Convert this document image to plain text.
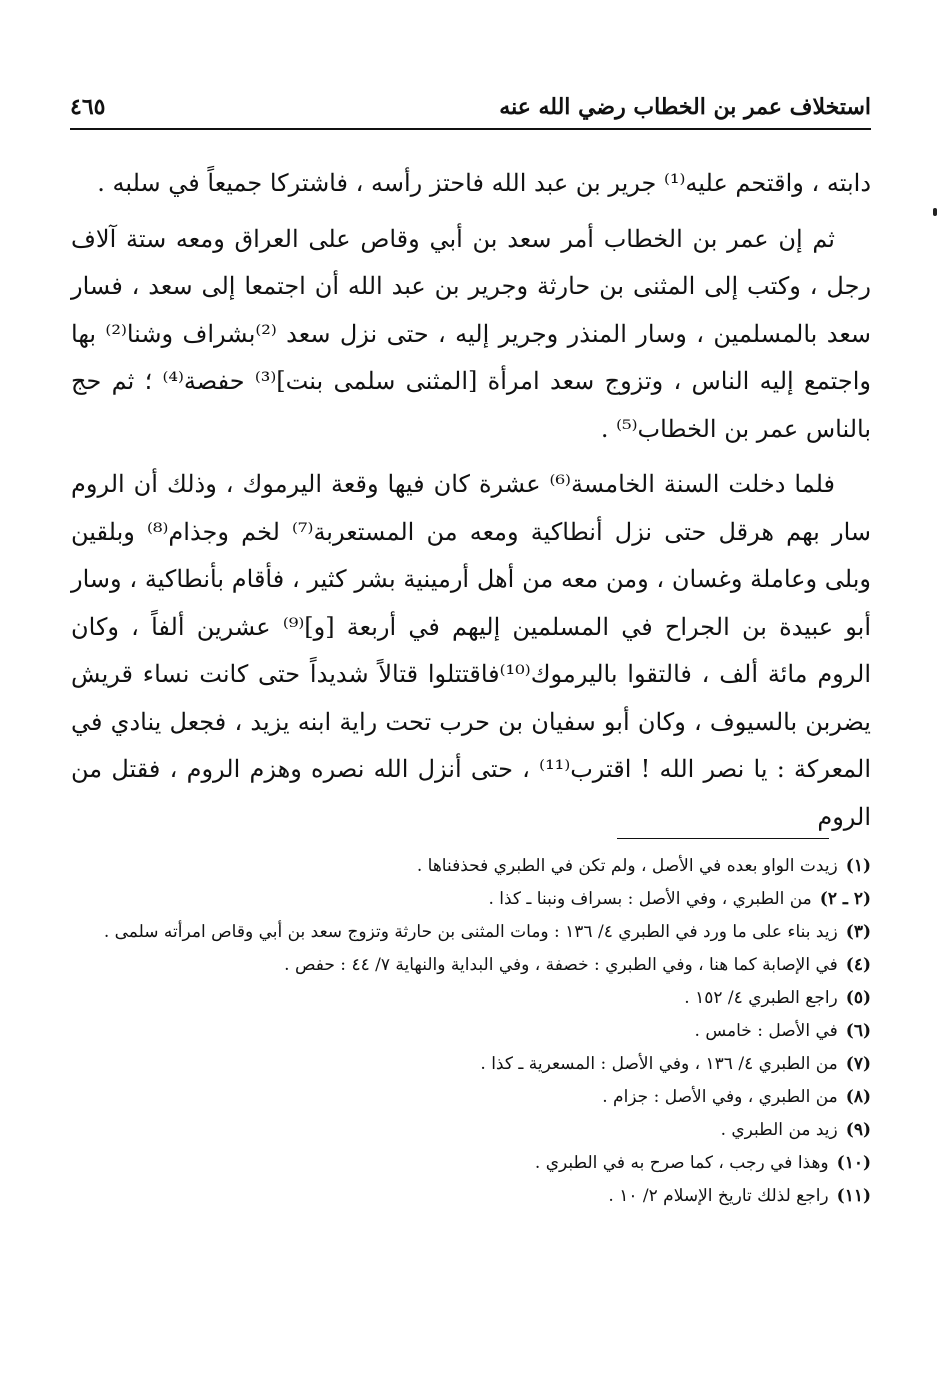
استخلاف عمر بن الخطاب رضي الله عنه
٤٦٥

دابته ، واقتحم عليه⁽¹⁾ جرير بن عبد الله فاحتز رأسه ، فاشتركا جميعاً في سلبه .

ثم إن عمر بن الخطاب أمر سعد بن أبي وقاص على العراق ومعه ستة آلاف رجل ، وكتب إلى المثنى بن حارثة وجرير بن عبد الله أن اجتمعا إلى سعد ، فسار سعد بالمسلمين ، وسار المنذر وجرير إليه ، حتى نزل سعد ⁽²⁾بشراف وشنا⁽²⁾ بها واجتمع إليه الناس ، وتزوج سعد امرأة [المثنى سلمى بنت]⁽³⁾ حفصة⁽⁴⁾ ؛ ثم حج بالناس عمر بن الخطاب⁽⁵⁾ .

فلما دخلت السنة الخامسة⁽⁶⁾ عشرة كان فيها وقعة اليرموك ، وذلك أن الروم سار بهم هرقل حتى نزل أنطاكية ومعه من المستعربة⁽⁷⁾ لخم وجذام⁽⁸⁾ وبلقين وبلى وعاملة وغسان ، ومن معه من أهل أرمينية بشر كثير ، فأقام بأنطاكية ، وسار أبو عبيدة بن الجراح في المسلمين إليهم في أربعة [و]⁽⁹⁾ عشرين ألفاً ، وكان الروم مائة ألف ، فالتقوا باليرموك⁽¹⁰⁾فاقتتلوا قتالاً شديداً حتى كانت نساء قريش يضربن بالسيوف ، وكان أبو سفيان بن حرب تحت راية ابنه يزيد ، فجعل ينادي في المعركة : يا نصر الله ! اقترب⁽¹¹⁾ ، حتى أنزل الله نصره وهزم الروم ، فقتل من الروم

(١)
زيدت الواو بعده في الأصل ، ولم تكن في الطبري فحذفناها .
(٢ ـ ٢)
من الطبري ، وفي الأصل : بسراف ونبنا ـ كذا .
(٣)
زيد بناء على ما ورد في الطبري ٤/ ١٣٦ : ومات المثنى بن حارثة وتزوج سعد بن أبي وقاص امرأته سلمى .
(٤)
في الإصابة كما هنا ، وفي الطبري : خصفة ، وفي البداية والنهاية ٧/ ٤٤ : حفص .
(٥)
راجع الطبري ٤/ ١٥٢ .
(٦)
في الأصل : خامس .
(٧)
من الطبري ٤/ ١٣٦ ، وفي الأصل : المسعرية ـ كذا .
(٨)
من الطبري ، وفي الأصل : جزام .
(٩)
زيد من الطبري .
(١٠)
وهذا في رجب ، كما صرح به في الطبري .
(١١)
راجع لذلك تاريخ الإسلام ٢/ ١٠ .
